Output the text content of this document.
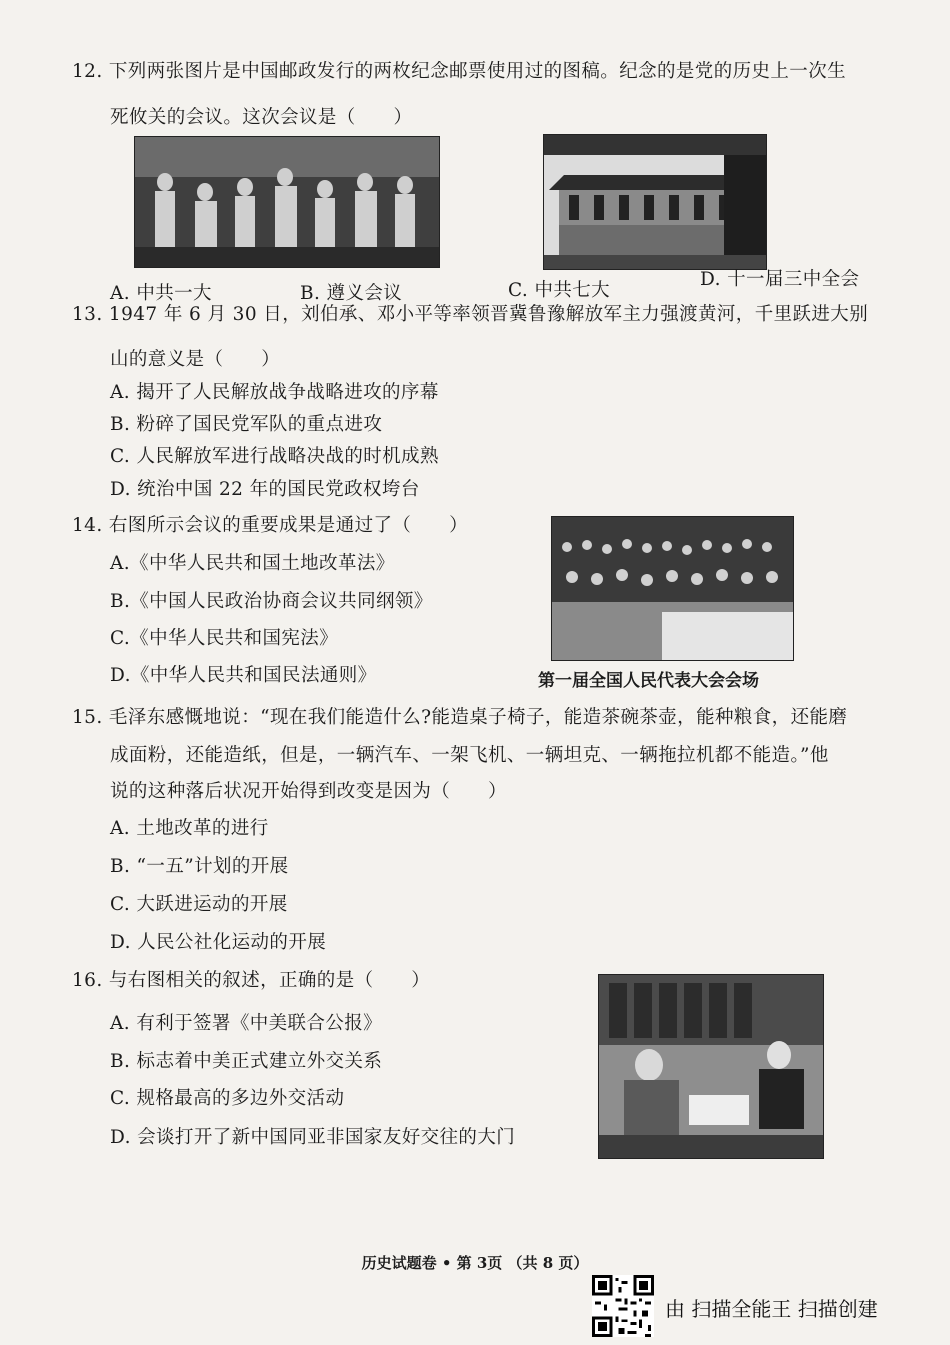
12. 下列两张图片是中国邮政发行的两枚纪念邮票使用过的图稿。纪念的是党的历史上一次生
死攸关的会议。这次会议是（　　）
A. 中共一大	B. 遵义会议	C. 中共七大
D. 十一届三中全会
13. 1947 年 6 月 30 日，刘伯承、邓小平等率领晋冀鲁豫解放军主力强渡黄河，千里跃进大别
山的意义是（　　）
A. 揭开了人民解放战争战略进攻的序幕
B. 粉碎了国民党军队的重点进攻
C. 人民解放军进行战略决战的时机成熟
D. 统治中国 22 年的国民党政权垮台
14. 右图所示会议的重要成果是通过了（　　）
A.《中华人民共和国土地改革法》
B.《中国人民政治协商会议共同纲领》
C.《中华人民共和国宪法》
D.《中华人民共和国民法通则》	第一届全国人民代表大会会场
15. 毛泽东感慨地说：“现在我们能造什么?能造桌子椅子，能造茶碗茶壶，能种粮食，还能磨
成面粉，还能造纸，但是，一辆汽车、一架飞机、一辆坦克、一辆拖拉机都不能造。”他
说的这种落后状况开始得到改变是因为（　　）
A. 土地改革的进行
B. “一五”计划的开展
C. 大跃进运动的开展
D. 人民公社化运动的开展
16. 与右图相关的叙述，正确的是（　　）
A. 有利于签署《中美联合公报》
B. 标志着中美正式建立外交关系
C. 规格最高的多边外交活动
D. 会谈打开了新中国同亚非国家友好交往的大门
历史试题卷 • 第 3页 （共 8 页）
由 扫描全能王 扫描创建
